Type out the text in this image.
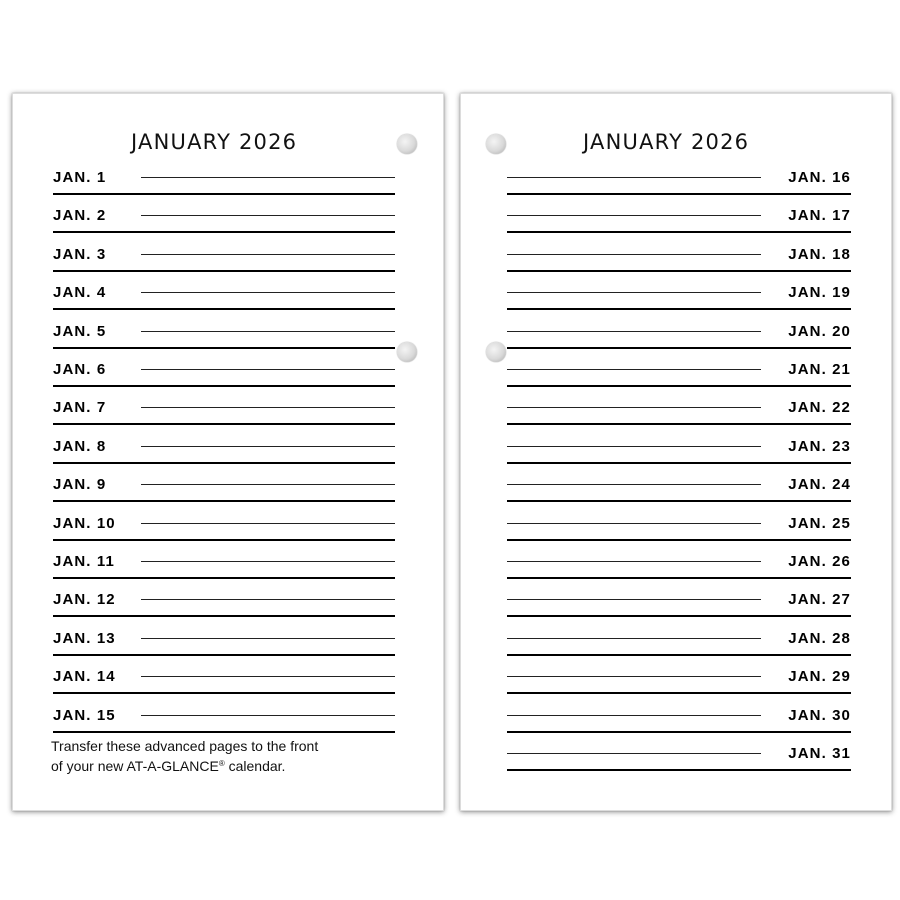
JANUARY 2026
JAN. 1
JAN. 2
JAN. 3
JAN. 4
JAN. 5
JAN. 6
JAN. 7
JAN. 8
JAN. 9
JAN. 10
JAN. 11
JAN. 12
JAN. 13
JAN. 14
JAN. 15
Transfer these advanced pages to the front
of your new AT-A-GLANCE® calendar.
JANUARY 2026
JAN. 16
JAN. 17
JAN. 18
JAN. 19
JAN. 20
JAN. 21
JAN. 22
JAN. 23
JAN. 24
JAN. 25
JAN. 26
JAN. 27
JAN. 28
JAN. 29
JAN. 30
JAN. 31
